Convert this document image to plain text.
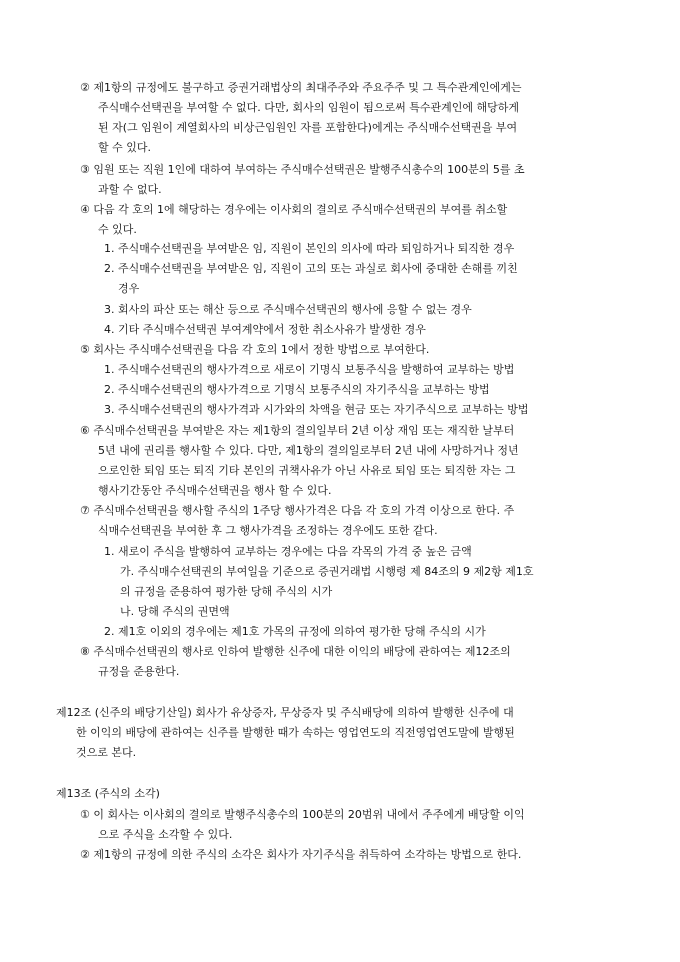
② 제1항의 규정에도 불구하고 증권거래법상의 최대주주와 주요주주 및 그 특수관계인에게는
주식매수선택권을 부여할 수 없다. 다만, 회사의 임원이 됨으로써 특수관계인에 해당하게
된 자(그 임원이 계열회사의 비상근임원인 자를 포함한다)에게는 주식매수선택권을 부여
할 수 있다.
③ 임원 또는 직원 1인에 대하여 부여하는 주식매수선택권은 발행주식총수의 100분의 5를 초
과할 수 없다.
④ 다음 각 호의 1에 해당하는 경우에는 이사회의 결의로 주식매수선택권의 부여를 취소할
수 있다.
1. 주식매수선택권을 부여받은 임, 직원이 본인의 의사에 따라 퇴임하거나 퇴직한 경우
2. 주식매수선택권을 부여받은 임, 직원이 고의 또는 과실로 회사에 중대한 손해를 끼친
경우
3. 회사의 파산 또는 해산 등으로 주식매수선택권의 행사에 응할 수 없는 경우
4. 기타 주식매수선택권 부여계약에서 정한 취소사유가 발생한 경우
⑤ 회사는 주식매수선택권을 다음 각 호의 1에서 정한 방법으로 부여한다.
1. 주식매수선택권의 행사가격으로 새로이 기명식 보통주식을 발행하여 교부하는 방법
2. 주식매수선택권의 행사가격으로 기명식 보통주식의 자기주식을 교부하는 방법
3. 주식매수선택권의 행사가격과 시가와의 차액을 현금 또는 자기주식으로 교부하는 방법
⑥ 주식매수선택권을 부여받은 자는 제1항의 결의일부터 2년 이상 재임 또는 재직한 날부터
5년 내에 권리를 행사할 수 있다. 다만, 제1항의 결의일로부터 2년 내에 사망하거나 정년
으로인한 퇴임 또는 퇴직 기타 본인의 귀책사유가 아닌 사유로 퇴임 또는 퇴직한 자는 그
행사기간동안 주식매수선택권을 행사 할 수 있다.
⑦ 주식매수선택권을 행사할 주식의 1주당 행사가격은 다음 각 호의 가격 이상으로 한다. 주
식매수선택권을 부여한 후 그 행사가격을 조정하는 경우에도 또한 같다.
1. 새로이 주식을 발행하여 교부하는 경우에는 다음 각목의 가격 중 높은 금액
가. 주식매수선택권의 부여일을 기준으로 증권거래법 시행령 제 84조의 9 제2항 제1호
의 규정을 준용하여 평가한 당해 주식의 시가
나. 당해 주식의 권면액
2. 제1호 이외의 경우에는 제1호 가목의 규정에 의하여 평가한 당해 주식의 시가
⑧ 주식매수선택권의 행사로 인하여 발행한 신주에 대한 이익의 배당에 관하여는 제12조의
규정을 준용한다.
제12조 (신주의 배당기산일) 회사가 유상증자, 무상증자 및 주식배당에 의하여 발행한 신주에 대
한 이익의 배당에 관하여는 신주를 발행한 때가 속하는 영업연도의 직전영업연도말에 발행된
것으로 본다.
제13조 (주식의 소각)
① 이 회사는 이사회의 결의로 발행주식총수의 100분의 20범위 내에서 주주에게 배당할 이익
으로 주식을 소각할 수 있다.
② 제1항의 규정에 의한 주식의 소각은 회사가 자기주식을 취득하여 소각하는 방법으로 한다.
